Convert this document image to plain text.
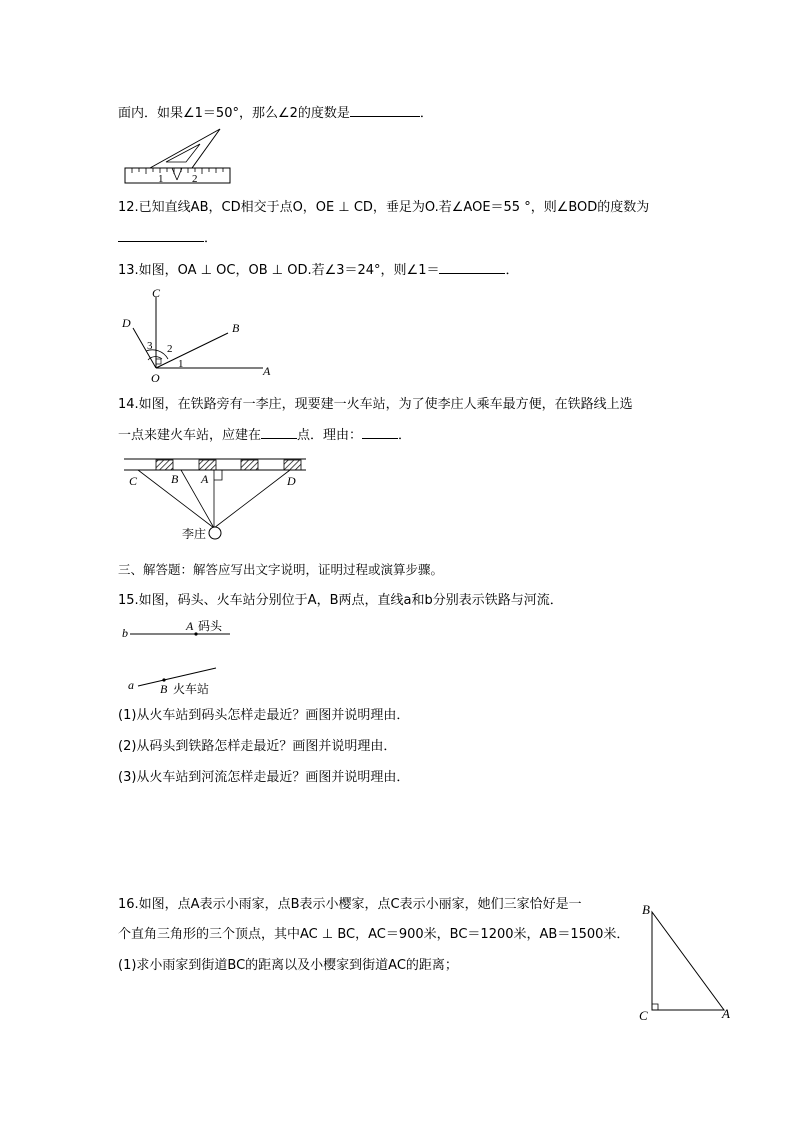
面内．如果∠1＝50°，那么∠2的度数是	．
1	2
12.已知直线AB，CD相交于点O，OE ⊥ CD，垂足为O.若∠AOE＝55 °，则∠BOD的度数为
．
13.如图，OA ⊥ OC，OB ⊥ OD.若∠3＝24°，则∠1＝	．
C
D	B
A
O
3 2
1
14.如图，在铁路旁有一李庄，现要建一火车站，为了使李庄人乘车最方便，在铁路线上选
一点来建火车站，应建在	点．理由：	．
C	B A	D
李庄
三、解答题：解答应写出文字说明，证明过程或演算步骤。
15.如图，码头、火车站分别位于A，B两点，直线a和b分别表示铁路与河流．
b	A 码头
a B 火车站
(1)从火车站到码头怎样走最近？画图并说明理由．
(2)从码头到铁路怎样走最近？画图并说明理由．
(3)从火车站到河流怎样走最近？画图并说明理由．
16.如图，点A表示小雨家，点B表示小樱家，点C表示小丽家，她们三家恰好是一
个直角三角形的三个顶点，其中AC ⊥ BC，AC＝900米，BC＝1200米，AB＝1500米．
(1)求小雨家到街道BC的距离以及小樱家到街道AC的距离；
B
C	A
